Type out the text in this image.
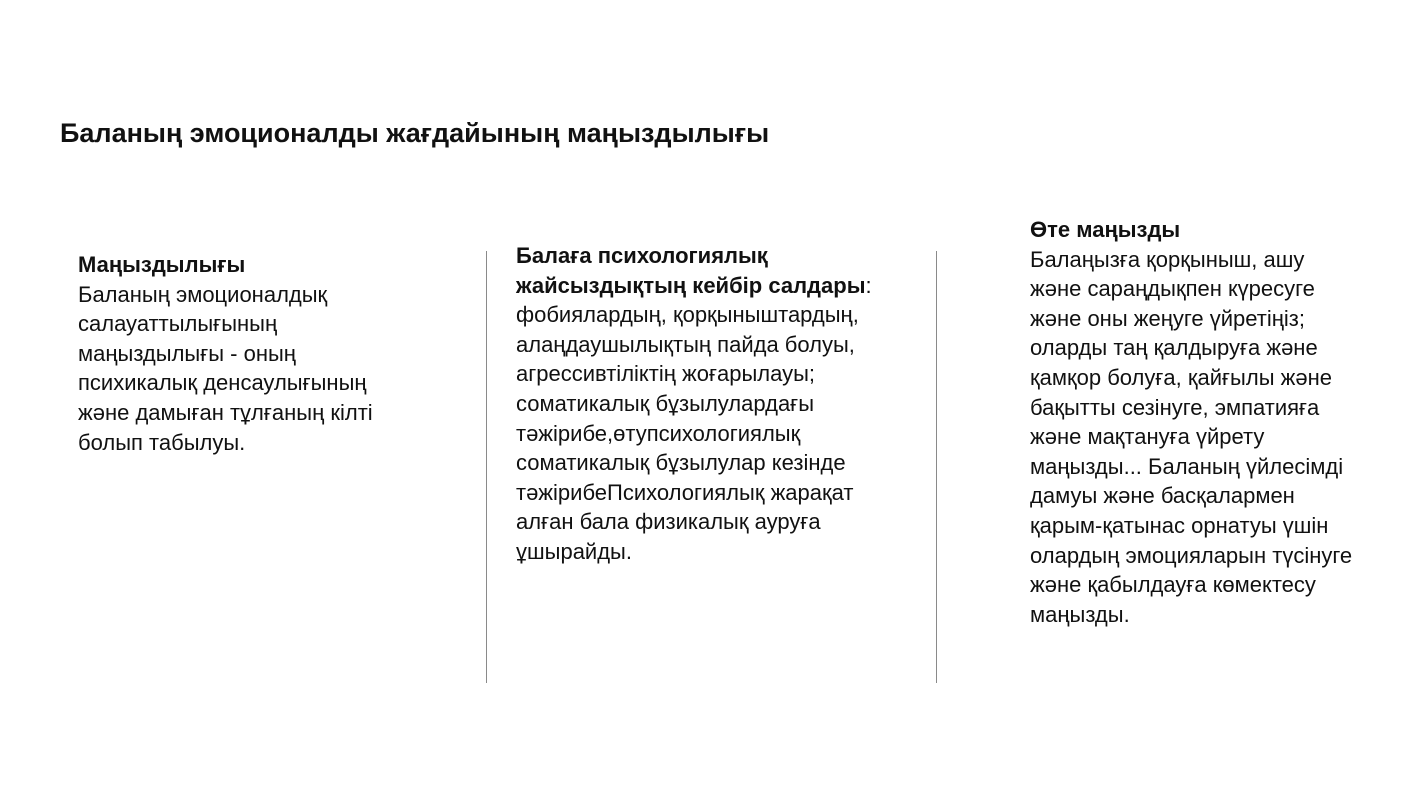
Баланың эмоционалды жағдайының маңыздылығы
Маңыздылығы
Баланың эмоционалдық
салауаттылығының
маңыздылығы - оның
психикалық денсаулығының
және дамыған тұлғаның кілті
болып табылуы.
Балаға психологиялық
жайсыздықтың кейбір салдары:
фобиялардың, қорқыныштардың,
алаңдаушылықтың пайда болуы,
агрессивтіліктің жоғарылауы;
соматикалық бұзылулардағы
тәжірибе,өтупсихологиялық
соматикалық бұзылулар кезінде
тәжірибеПсихологиялық жарақат
алған бала физикалық ауруға
ұшырайды.
Өте маңызды
Балаңызға қорқыныш, ашу
және сараңдықпен күресуге
және оны жеңуге үйретіңіз;
оларды таң қалдыруға және
қамқор болуға, қайғылы және
бақытты сезінуге, эмпатияға
және мақтануға үйрету
маңызды... Баланың үйлесімді
дамуы және басқалармен
қарым-қатынас орнатуы үшін
олардың эмоцияларын түсінуге
және қабылдауға көмектесу
маңызды.
